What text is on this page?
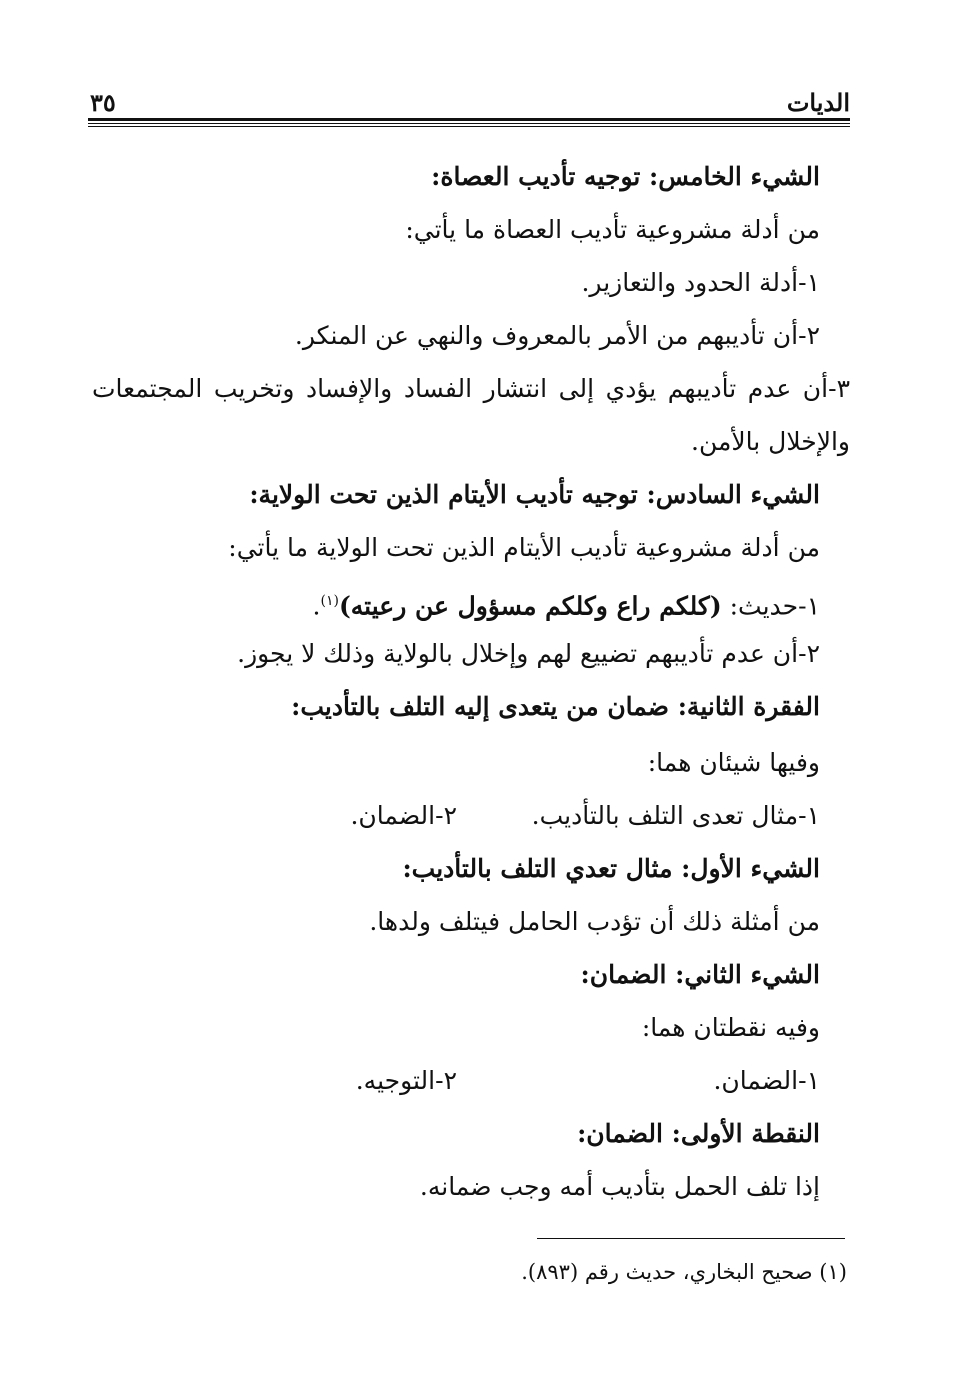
الديات
٣٥
الشيء الخامس: توجيه تأديب العصاة:
من أدلة مشروعية تأديب العصاة ما يأتي:
١-أدلة الحدود والتعازير.
٢-أن تأديبهم من الأمر بالمعروف والنهي عن المنكر.
٣-أن عدم تأديبهم يؤدي إلى انتشار الفساد والإفساد وتخريب المجتمعات
والإخلال بالأمن.
الشيء السادس: توجيه تأديب الأيتام الذين تحت الولاية:
من أدلة مشروعية تأديب الأيتام الذين تحت الولاية ما يأتي:
١-حديث: (كلكم راع وكلكم مسؤول عن رعيته)$^{(١)}$.
٢-أن عدم تأديبهم تضييع لهم وإخلال بالولاية وذلك لا يجوز.
الفقرة الثانية: ضمان من يتعدى إليه التلف بالتأديب:
وفيها شيئان هما:
١-مثال تعدى التلف بالتأديب.
٢-الضمان.
الشيء الأول: مثال تعدي التلف بالتأديب:
من أمثلة ذلك أن تؤدب الحامل فيتلف ولدها.
الشيء الثاني: الضمان:
وفيه نقطتان هما:
١-الضمان.
٢-التوجيه.
النقطة الأولى: الضمان:
إذا تلف الحمل بتأديب أمه وجب ضمانه.
(١) صحيح البخاري، حديث رقم (٨٩٣).
